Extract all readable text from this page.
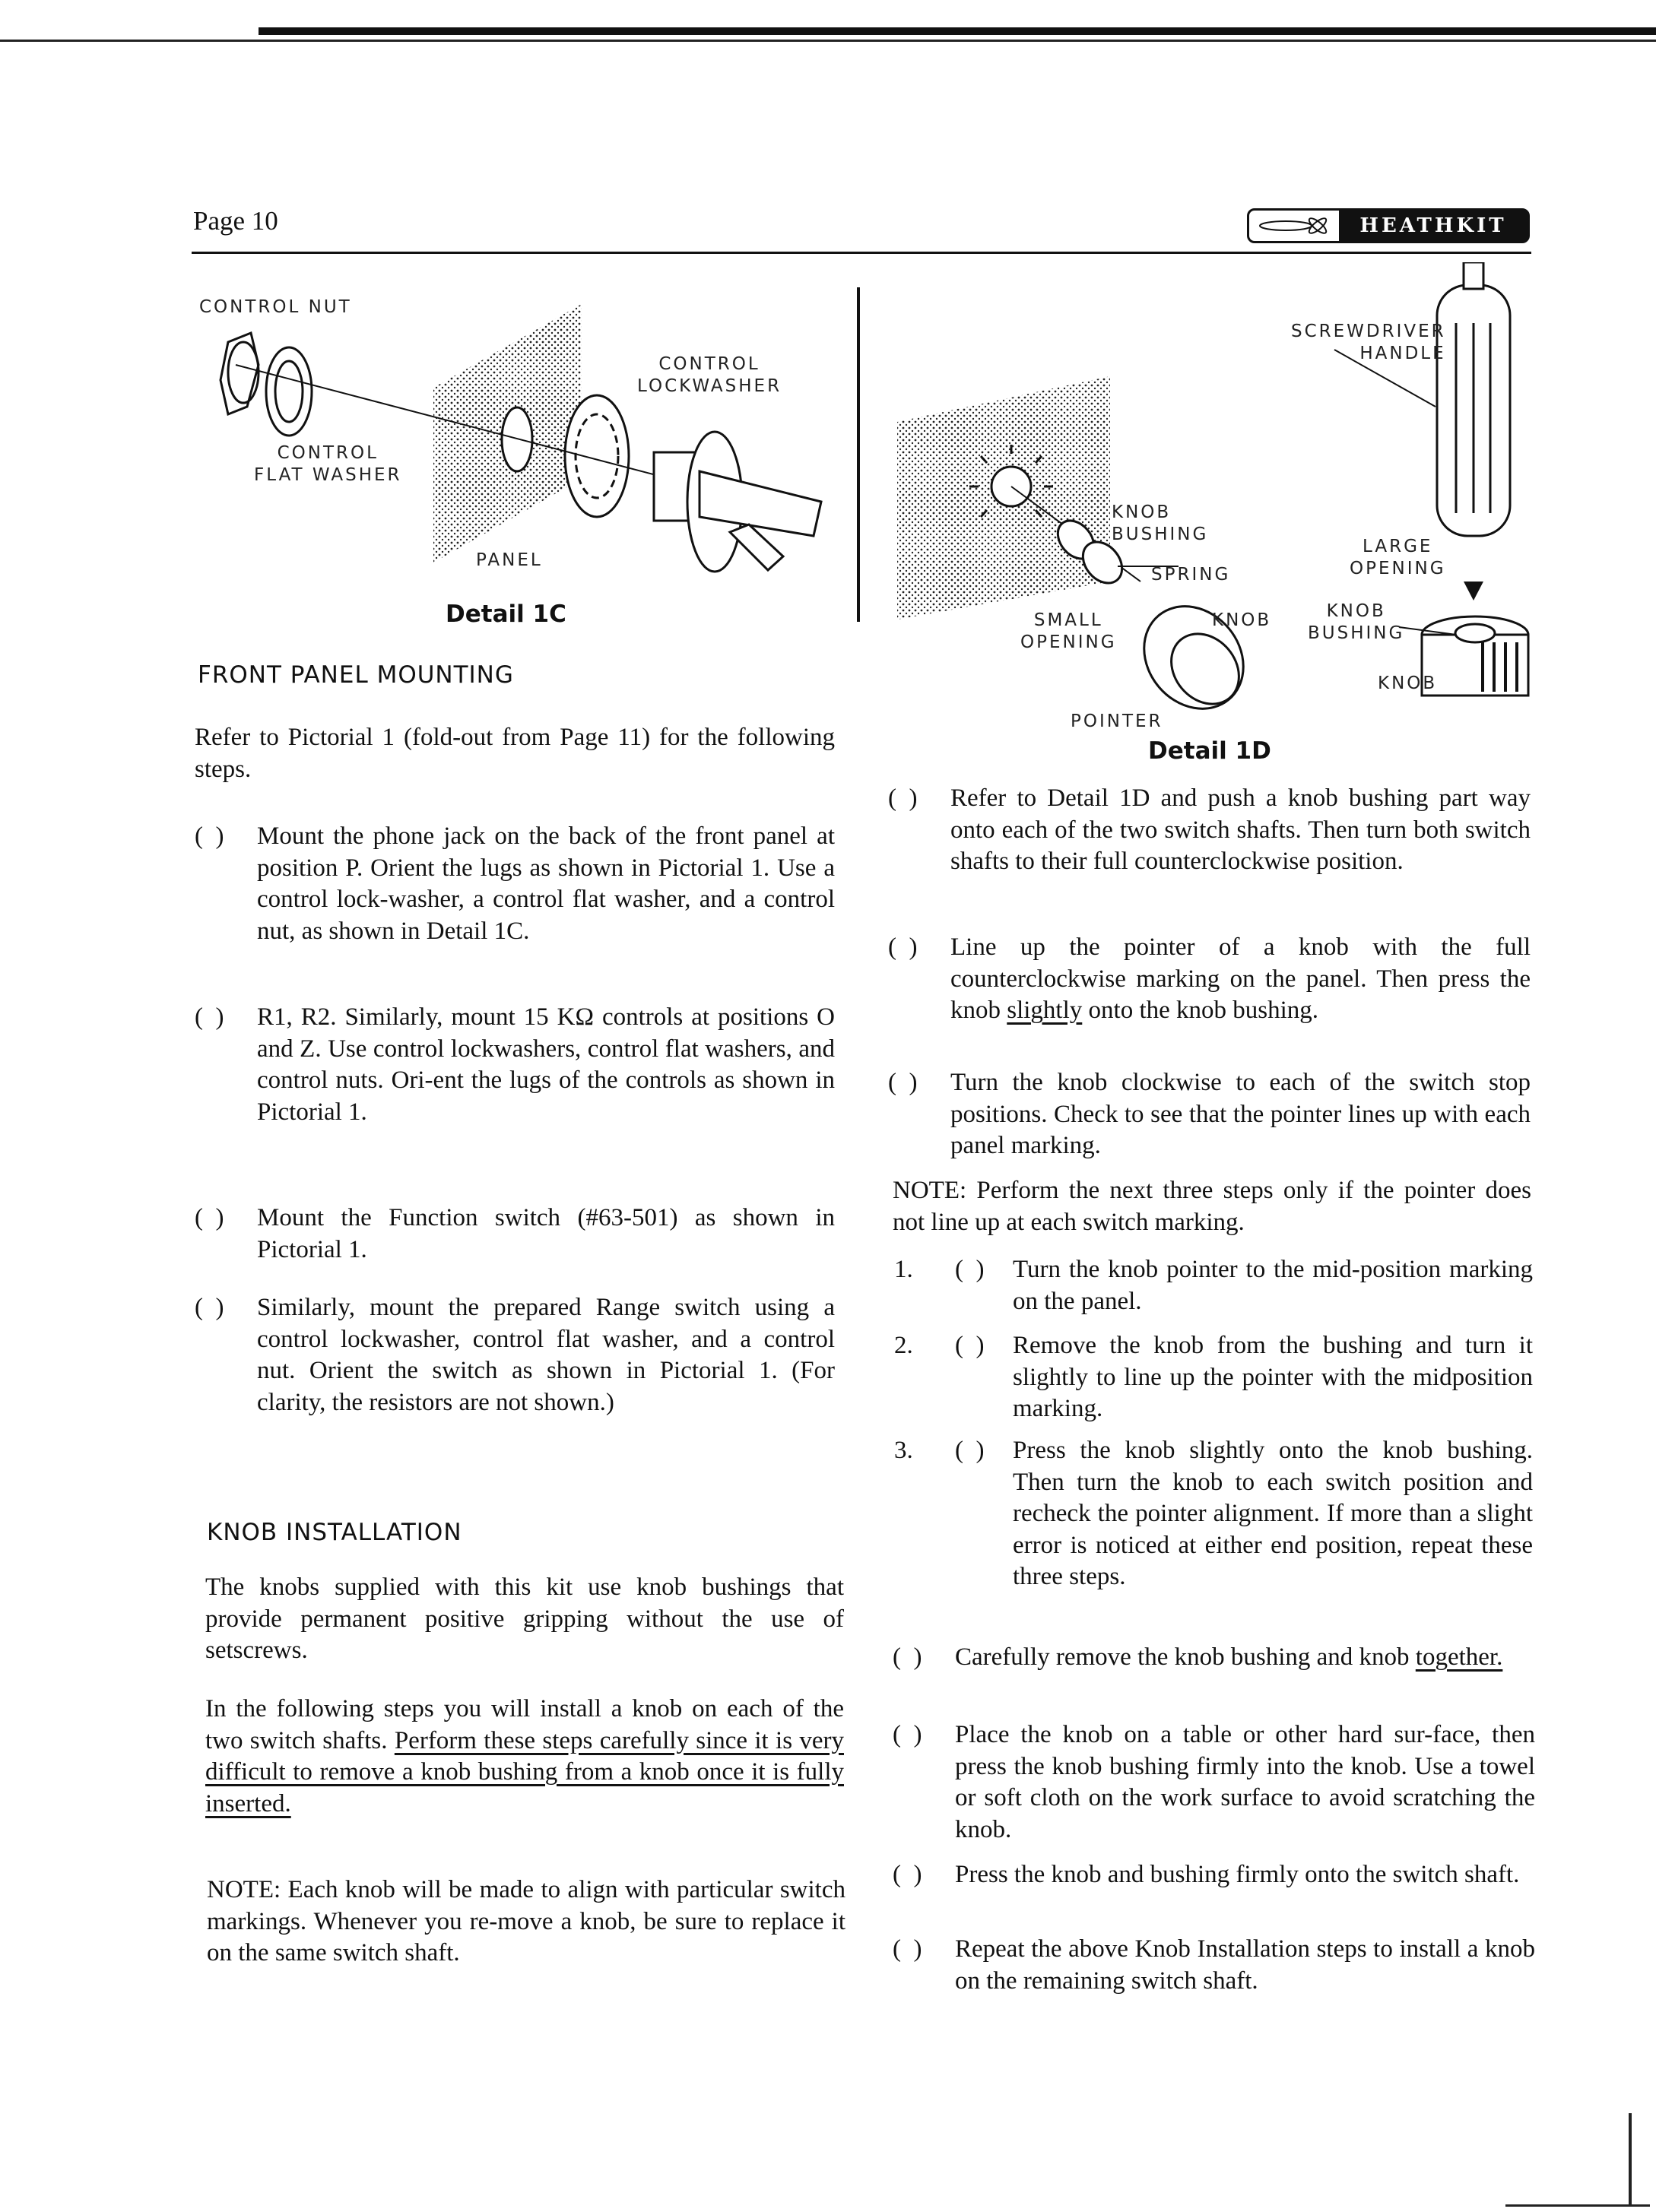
Page 10	HEATHKIT
CONTROL NUT
CONTROL
LOCKWASHER
CONTROL
FLAT WASHER
PANEL
Detail 1C
SCREWDRIVER
HANDLE
KNOB
BUSHING
SPRING
LARGE
OPENING
SMALL
OPENING
KNOB	KNOB
BUSHING
KNOB
POINTER
Detail 1D
FRONT PANEL MOUNTING
Refer to Pictorial 1 (fold-out from Page 11) for the following steps.
(  )	Mount the phone jack on the back of the front panel at position P. Orient the lugs as shown in Pictorial 1. Use a control lock-washer, a control flat washer, and a control nut, as shown in Detail 1C.
(  )	R1, R2. Similarly, mount 15 KΩ controls at positions O and Z. Use control lockwashers, control flat washers, and control nuts. Ori-ent the lugs of the controls as shown in Pictorial 1.
(  )	Mount the Function switch (#63-501) as shown in Pictorial 1.
(  )	Similarly, mount the prepared Range switch using a control lockwasher, control flat washer, and a control nut. Orient the switch as shown in Pictorial 1. (For clarity, the resistors are not shown.)
KNOB INSTALLATION
The knobs supplied with this kit use knob bushings that provide permanent positive gripping without the use of setscrews.
In the following steps you will install a knob on each of the two switch shafts. Perform these steps carefully since it is very difficult to remove a knob bushing from a knob once it is fully inserted.
NOTE: Each knob will be made to align with particular switch markings. Whenever you re-move a knob, be sure to replace it on the same switch shaft.
(  )	Refer to Detail 1D and push a knob bushing part way onto each of the two switch shafts. Then turn both switch shafts to their full counterclockwise position.
(  )	Line up the pointer of a knob with the full counterclockwise marking on the panel. Then press the knob slightly onto the knob bushing.
(  )	Turn the knob clockwise to each of the switch stop positions. Check to see that the pointer lines up with each panel marking.
NOTE: Perform the next three steps only if the pointer does not line up at each switch marking.
1.	(  )	Turn the knob pointer to the mid-position marking on the panel.
2.	(  )	Remove the knob from the bushing and turn it slightly to line up the pointer with the midposition marking.
3.	(  )	Press the knob slightly onto the knob bushing. Then turn the knob to each switch position and recheck the pointer alignment. If more than a slight error is noticed at either end position, repeat these three steps.
(  )	Carefully remove the knob bushing and knob together.
(  )	Place the knob on a table or other hard sur-face, then press the knob bushing firmly into the knob. Use a towel or soft cloth on the work surface to avoid scratching the knob.
(  )	Press the knob and bushing firmly onto the switch shaft.
(  )	Repeat the above Knob Installation steps to install a knob on the remaining switch shaft.
